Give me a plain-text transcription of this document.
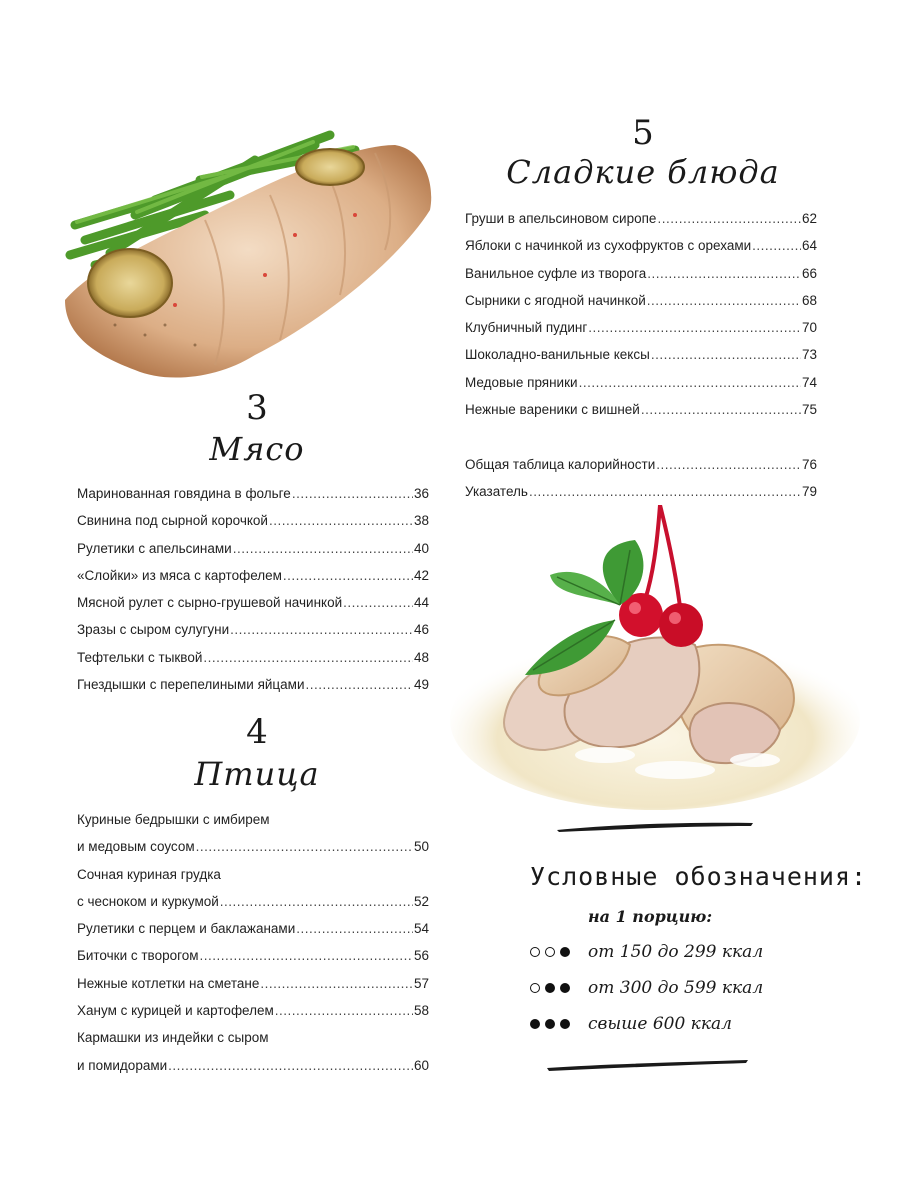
3
Мясо
Маринованная говядина в фольге .....	36
Свинина под сырной корочкой .....	38
Рулетики с апельсинами .....	40
«Слойки» из мяса с картофелем .....	42
Мясной рулет с сырно-грушевой начинкой .....	44
Зразы с сыром сулугуни .....	46
Тефтельки с тыквой .....	48
Гнездышки с перепелиными яйцами .....	49
4
Птица
Куриные бедрышки с имбирем
и медовым соусом .....	50
Сочная куриная грудка
с чесноком и куркумой .....	52
Рулетики с перцем и баклажанами .....	54
Биточки с творогом .....	56
Нежные котлетки на сметане .....	57
Ханум с курицей и картофелем .....	58
Кармашки из индейки с сыром
и помидорами .....	60
5
Сладкие блюда
Груши в апельсиновом сиропе .....	62
Яблоки с начинкой из сухофруктов с орехами .....	64
Ванильное суфле из творога .....	66
Сырники с ягодной начинкой .....	68
Клубничный пудинг .....	70
Шоколадно-ванильные кексы .....	73
Медовые пряники .....	74
Нежные вареники с вишней .....	75
Общая таблица калорийности .....	76
Указатель .....	79
Условные обозначения:
на 1 порцию:
от 150 до 299 ккал
от 300 до 599 ккал
свыше 600 ккал
